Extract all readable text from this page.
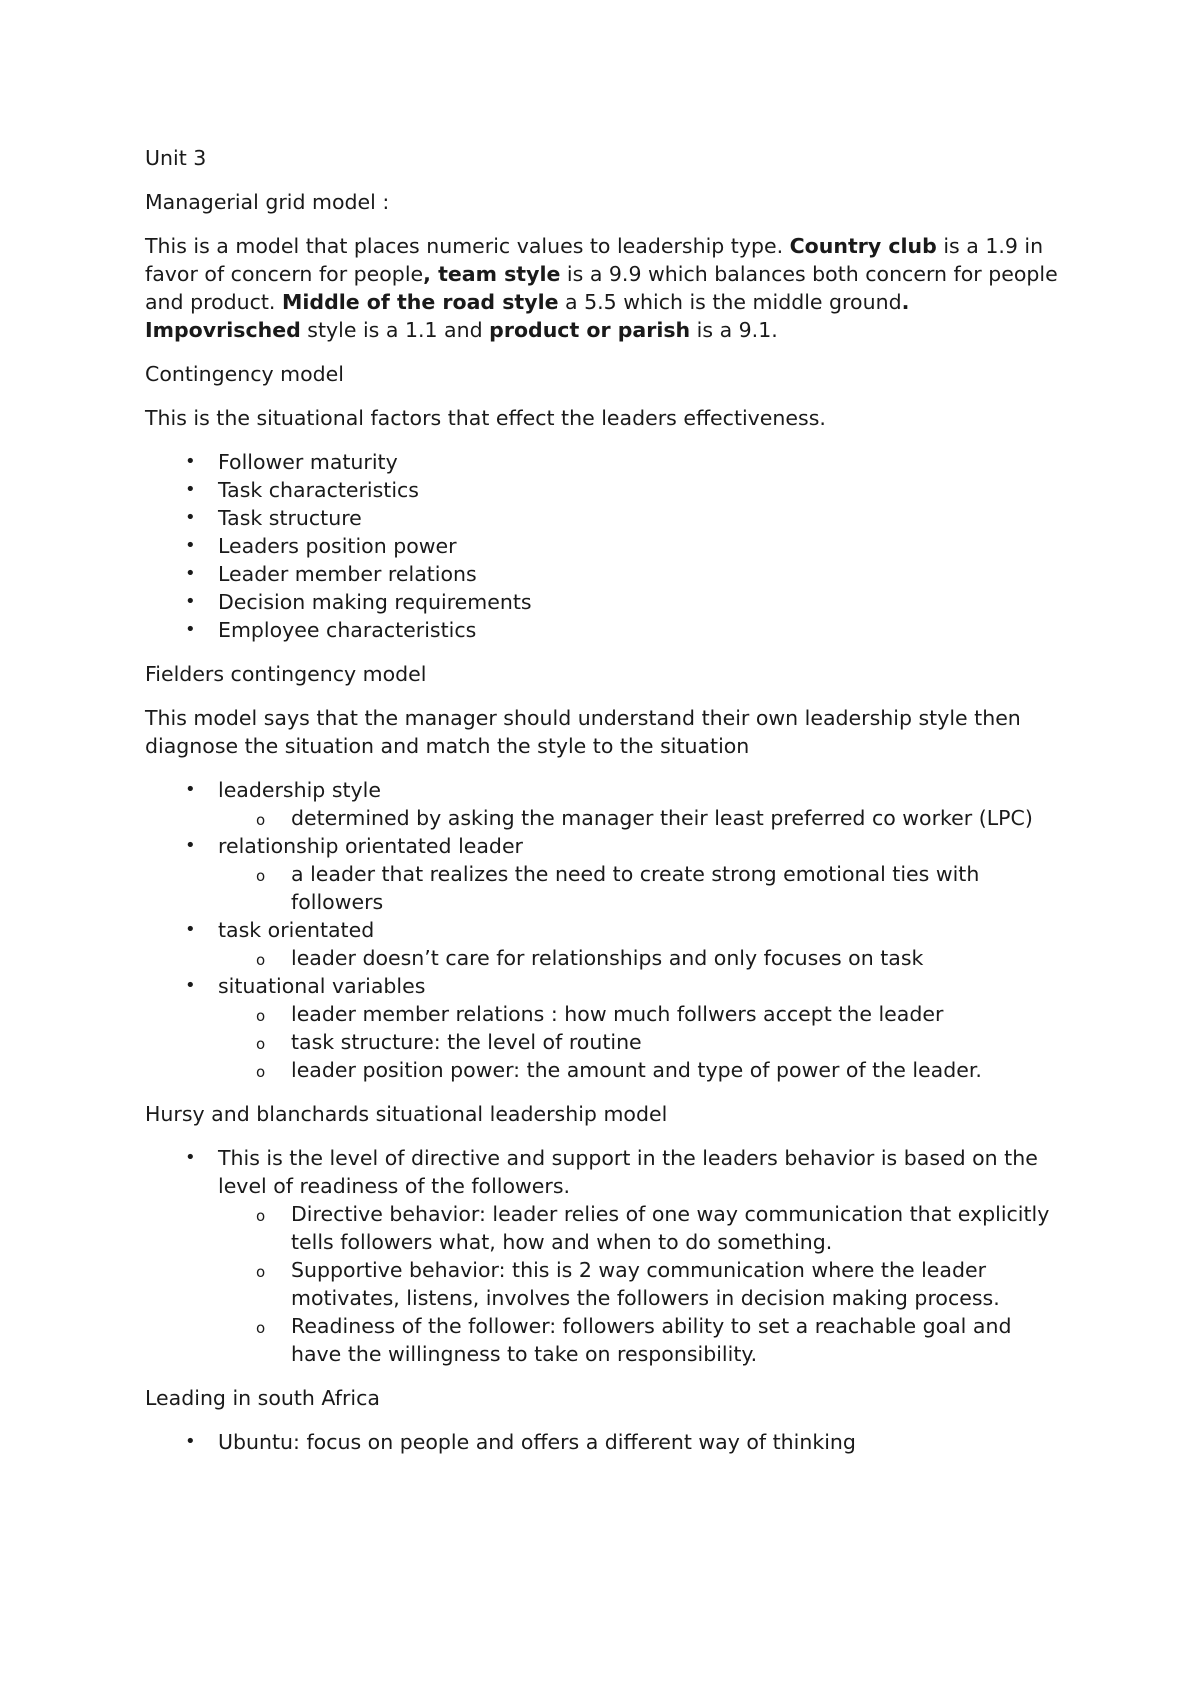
Unit 3

Managerial grid model :

This is a model that places numeric values to leadership type. Country club is a 1.9 in favor of concern for people, team style is a 9.9 which balances both concern for people and product. Middle of the road style a 5.5 which is the middle ground. Impovrisched style is a 1.1 and product or parish is a 9.1.

Contingency model

This is the situational factors that effect the leaders effectiveness.

• Follower maturity
• Task characteristics
• Task structure
• Leaders position power
• Leader member relations
• Decision making requirements
• Employee characteristics

Fielders contingency model

This model says that the manager should understand their own leadership style then diagnose the situation and match the style to the situation

• leadership style
o determined by asking the manager their least preferred co worker (LPC)
• relationship orientated leader
o a leader that realizes the need to create strong emotional ties with followers
• task orientated
o leader doesn’t care for relationships and only focuses on task
• situational variables
o leader member relations : how much follwers accept the leader
o task structure: the level of routine
o leader position power: the amount and type of power of the leader.

Hursy and blanchards situational leadership model

• This is the level of directive and support in the leaders behavior is based on the level of readiness of the followers.
o Directive behavior: leader relies of one way communication that explicitly tells followers what, how and when to do something.
o Supportive behavior: this is 2 way communication where the leader motivates, listens, involves the followers in decision making process.
o Readiness of the follower: followers ability to set a reachable goal and have the willingness to take on responsibility.

Leading in south Africa

• Ubuntu: focus on people and offers a different way of thinking
